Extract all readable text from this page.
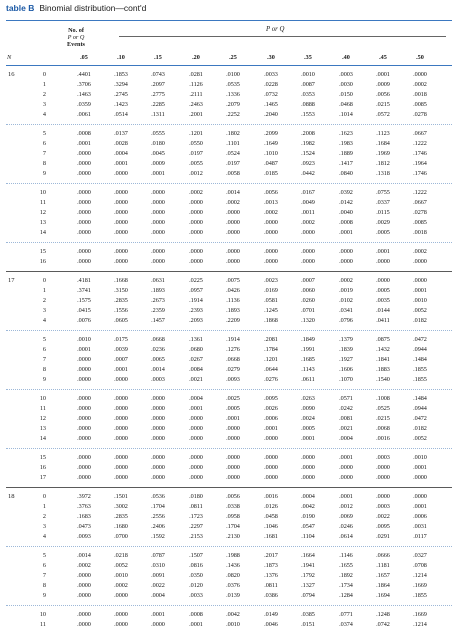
table B Binomial distribution—cont'd
N
No. of
P or Q
Events
P or Q
.05	.10	.15	.20	.25	.30	.35	.40	.45	.50
16	0	.4401	.1853	.0743	.0281	.0100	.0033	.0010	.0003	.0001	.0000
1	.3706	.3294	.2097	.1126	.0535	.0228	.0087	.0030	.0009	.0002
2	.1463	.2745	.2775	.2111	.1336	.0732	.0353	.0150	.0056	.0018
3	.0359	.1423	.2285	.2463	.2079	.1465	.0888	.0468	.0215	.0085
4	.0061	.0514	.1311	.2001	.2252	.2040	.1553	.1014	.0572	.0278
5	.0008	.0137	.0555	.1201	.1802	.2099	.2008	.1623	.1123	.0667
6	.0001	.0028	.0180	.0550	.1101	.1649	.1982	.1983	.1684	.1222
7	.0000	.0004	.0045	.0197	.0524	.1010	.1524	.1889	.1969	.1746
8	.0000	.0001	.0009	.0055	.0197	.0487	.0923	.1417	.1812	.1964
9	.0000	.0000	.0001	.0012	.0058	.0185	.0442	.0840	.1318	.1746
10	.0000	.0000	.0000	.0002	.0014	.0056	.0167	.0392	.0755	.1222
11	.0000	.0000	.0000	.0000	.0002	.0013	.0049	.0142	.0337	.0667
12	.0000	.0000	.0000	.0000	.0000	.0002	.0011	.0040	.0115	.0278
13	.0000	.0000	.0000	.0000	.0000	.0000	.0002	.0008	.0029	.0085
14	.0000	.0000	.0000	.0000	.0000	.0000	.0000	.0001	.0005	.0018
15	.0000	.0000	.0000	.0000	.0000	.0000	.0000	.0000	.0001	.0002
16	.0000	.0000	.0000	.0000	.0000	.0000	.0000	.0000	.0000	.0000
17	0	.4181	.1668	.0631	.0225	.0075	.0023	.0007	.0002	.0000	.0000
1	.3741	.3150	.1893	.0957	.0426	.0169	.0060	.0019	.0005	.0001
2	.1575	.2835	.2673	.1914	.1136	.0581	.0260	.0102	.0035	.0010
3	.0415	.1556	.2359	.2393	.1893	.1245	.0701	.0341	.0144	.0052
4	.0076	.0605	.1457	.2093	.2209	.1868	.1320	.0796	.0411	.0182
5	.0010	.0175	.0668	.1361	.1914	.2081	.1849	.1379	.0875	.0472
6	.0001	.0039	.0236	.0680	.1276	.1784	.1991	.1839	.1432	.0944
7	.0000	.0007	.0065	.0267	.0668	.1201	.1685	.1927	.1841	.1484
8	.0000	.0001	.0014	.0084	.0279	.0644	.1143	.1606	.1883	.1855
9	.0000	.0000	.0003	.0021	.0093	.0276	.0611	.1070	.1540	.1855
10	.0000	.0000	.0000	.0004	.0025	.0095	.0263	.0571	.1008	.1484
11	.0000	.0000	.0000	.0001	.0005	.0026	.0090	.0242	.0525	.0944
12	.0000	.0000	.0000	.0000	.0001	.0006	.0024	.0081	.0215	.0472
13	.0000	.0000	.0000	.0000	.0000	.0001	.0005	.0021	.0068	.0182
14	.0000	.0000	.0000	.0000	.0000	.0000	.0001	.0004	.0016	.0052
15	.0000	.0000	.0000	.0000	.0000	.0000	.0000	.0001	.0003	.0010
16	.0000	.0000	.0000	.0000	.0000	.0000	.0000	.0000	.0000	.0001
17	.0000	.0000	.0000	.0000	.0000	.0000	.0000	.0000	.0000	.0000
18	0	.3972	.1501	.0536	.0180	.0056	.0016	.0004	.0001	.0000	.0000
1	.3763	.3002	.1704	.0811	.0338	.0126	.0042	.0012	.0003	.0001
2	.1683	.2835	.2556	.1723	.0958	.0458	.0190	.0069	.0022	.0006
3	.0473	.1680	.2406	.2297	.1704	.1046	.0547	.0246	.0095	.0031
4	.0093	.0700	.1592	.2153	.2130	.1681	.1104	.0614	.0291	.0117
5	.0014	.0218	.0787	.1507	.1988	.2017	.1664	.1146	.0666	.0327
6	.0002	.0052	.0310	.0816	.1436	.1873	.1941	.1655	.1181	.0708
7	.0000	.0010	.0091	.0350	.0820	.1376	.1792	.1892	.1657	.1214
8	.0000	.0002	.0022	.0120	.0376	.0811	.1327	.1734	.1864	.1669
9	.0000	.0000	.0004	.0033	.0139	.0386	.0794	.1284	.1694	.1855
10	.0000	.0000	.0001	.0008	.0042	.0149	.0385	.0771	.1248	.1669
11	.0000	.0000	.0000	.0001	.0010	.0046	.0151	.0374	.0742	.1214
